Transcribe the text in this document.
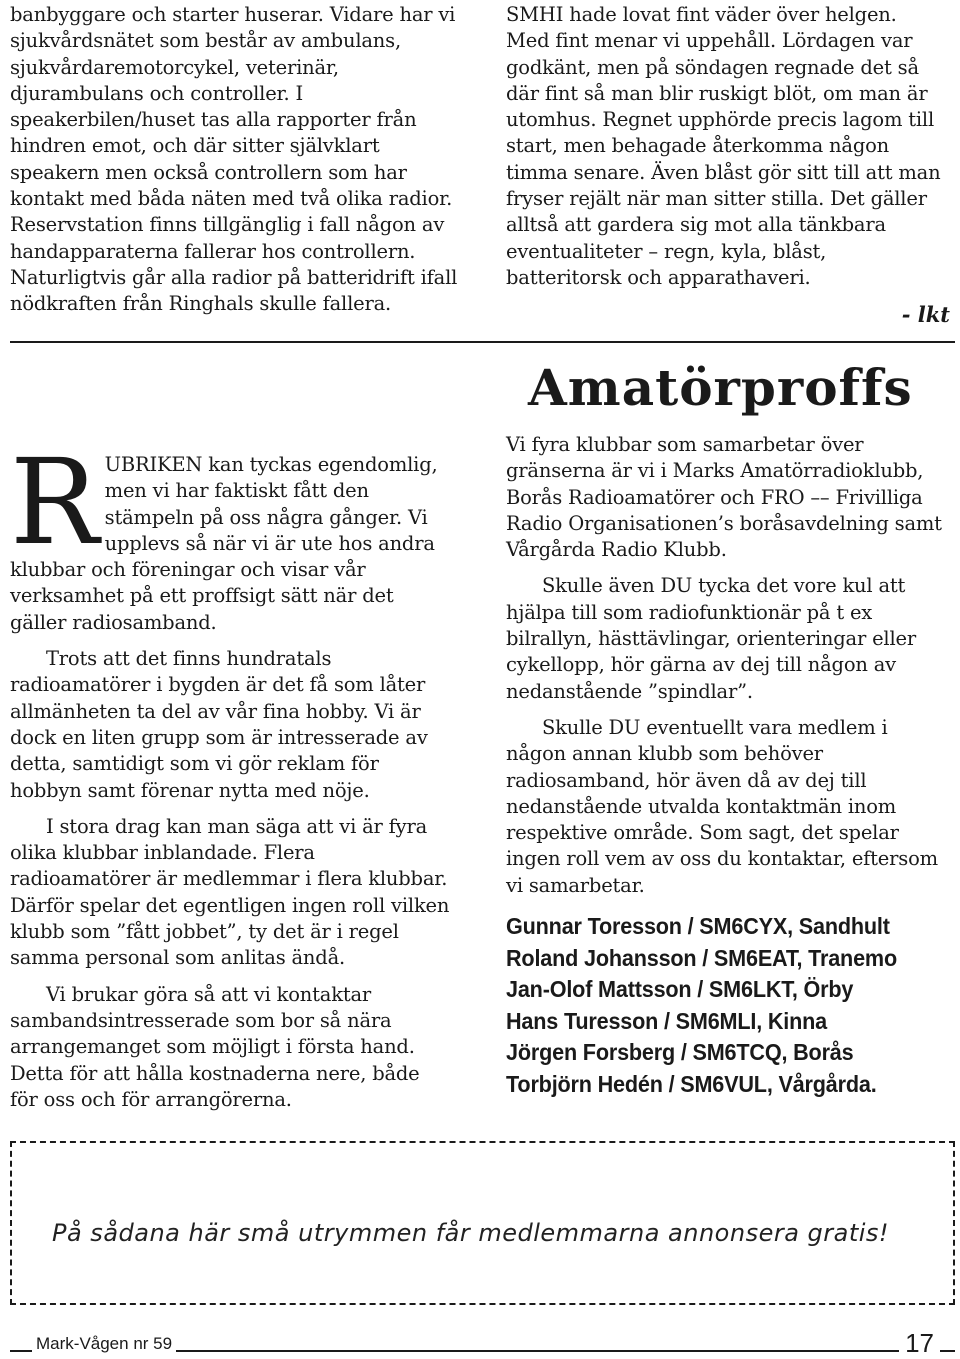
banbyggare och starter huserar. Vidare har vi sjukvårdsnätet som består av ambulans, sjukvårdaremotorcykel, veterinär, djurambulans och controller. I speakerbilen/huset tas alla rapporter från hindren emot, och där sitter självklart speakern men också controllern som har kontakt med båda näten med två olika radior. Reservstation finns tillgänglig i fall någon av handapparaterna fallerar hos controllern. Naturligtvis går alla radior på batteridrift ifall nödkraften från Ringhals skulle fallera.

SMHI hade lovat fint väder över helgen. Med fint menar vi uppehåll. Lördagen var godkänt, men på söndagen regnade det så där fint så man blir ruskigt blöt, om man är utomhus. Regnet upphörde precis lagom till start, men behagade återkomma någon timma senare. Även blåst gör sitt till att man fryser rejält när man sitter stilla. Det gäller alltså att gardera sig mot alla tänkbara eventualiteter – regn, kyla, blåst, batteritorsk och apparathaveri.

- lkt
Amatörproffs

RUBRIKEN kan tyckas egendomlig, men vi har faktiskt fått den stämpeln på oss några gånger. Vi upplevs så när vi är ute hos andra klubbar och föreningar och visar vår verksamhet på ett proffsigt sätt när det gäller radiosamband.

Trots att det finns hundratals radioamatörer i bygden är det få som låter allmänheten ta del av vår fina hobby. Vi är dock en liten grupp som är intresserade av detta, samtidigt som vi gör reklam för hobbyn samt förenar nytta med nöje.

I stora drag kan man säga att vi är fyra olika klubbar inblandade. Flera radioamatörer är medlemmar i flera klubbar. Därför spelar det egentligen ingen roll vilken klubb som ”fått jobbet”, ty det är i regel samma personal som anlitas ändå.

Vi brukar göra så att vi kontaktar sambandsintresserade som bor så nära arrangemanget som möjligt i första hand. Detta för att hålla kostnaderna nere, både för oss och för arrangörerna.

Vi fyra klubbar som samarbetar över gränserna är vi i Marks Amatörradioklubb, Borås Radioamatörer och FRO –– Frivilliga Radio Organisationen’s boråsavdelning samt Vårgårda Radio Klubb.

Skulle även DU tycka det vore kul att hjälpa till som radiofunktionär på t ex bilrallyn, hästtävlingar, orienteringar eller cykellopp, hör gärna av dej till någon av nedanstående ”spindlar”.

Skulle DU eventuellt vara medlem i någon annan klubb som behöver radiosamband, hör även då av dej till nedanstående utvalda kontaktmän inom respektive område. Som sagt, det spelar ingen roll vem av oss du kontaktar, eftersom vi samarbetar.

Gunnar Toresson / SM6CYX, Sandhult

Roland Johansson / SM6EAT, Tranemo

Jan-Olof Mattsson / SM6LKT, Örby

Hans Turesson / SM6MLI, Kinna

Jörgen Forsberg / SM6TCQ, Borås

Torbjörn Hedén / SM6VUL, Vårgårda.

På sådana här små utrymmen får medlemmarna annonsera gratis!

Mark-Vågen nr 59	17
